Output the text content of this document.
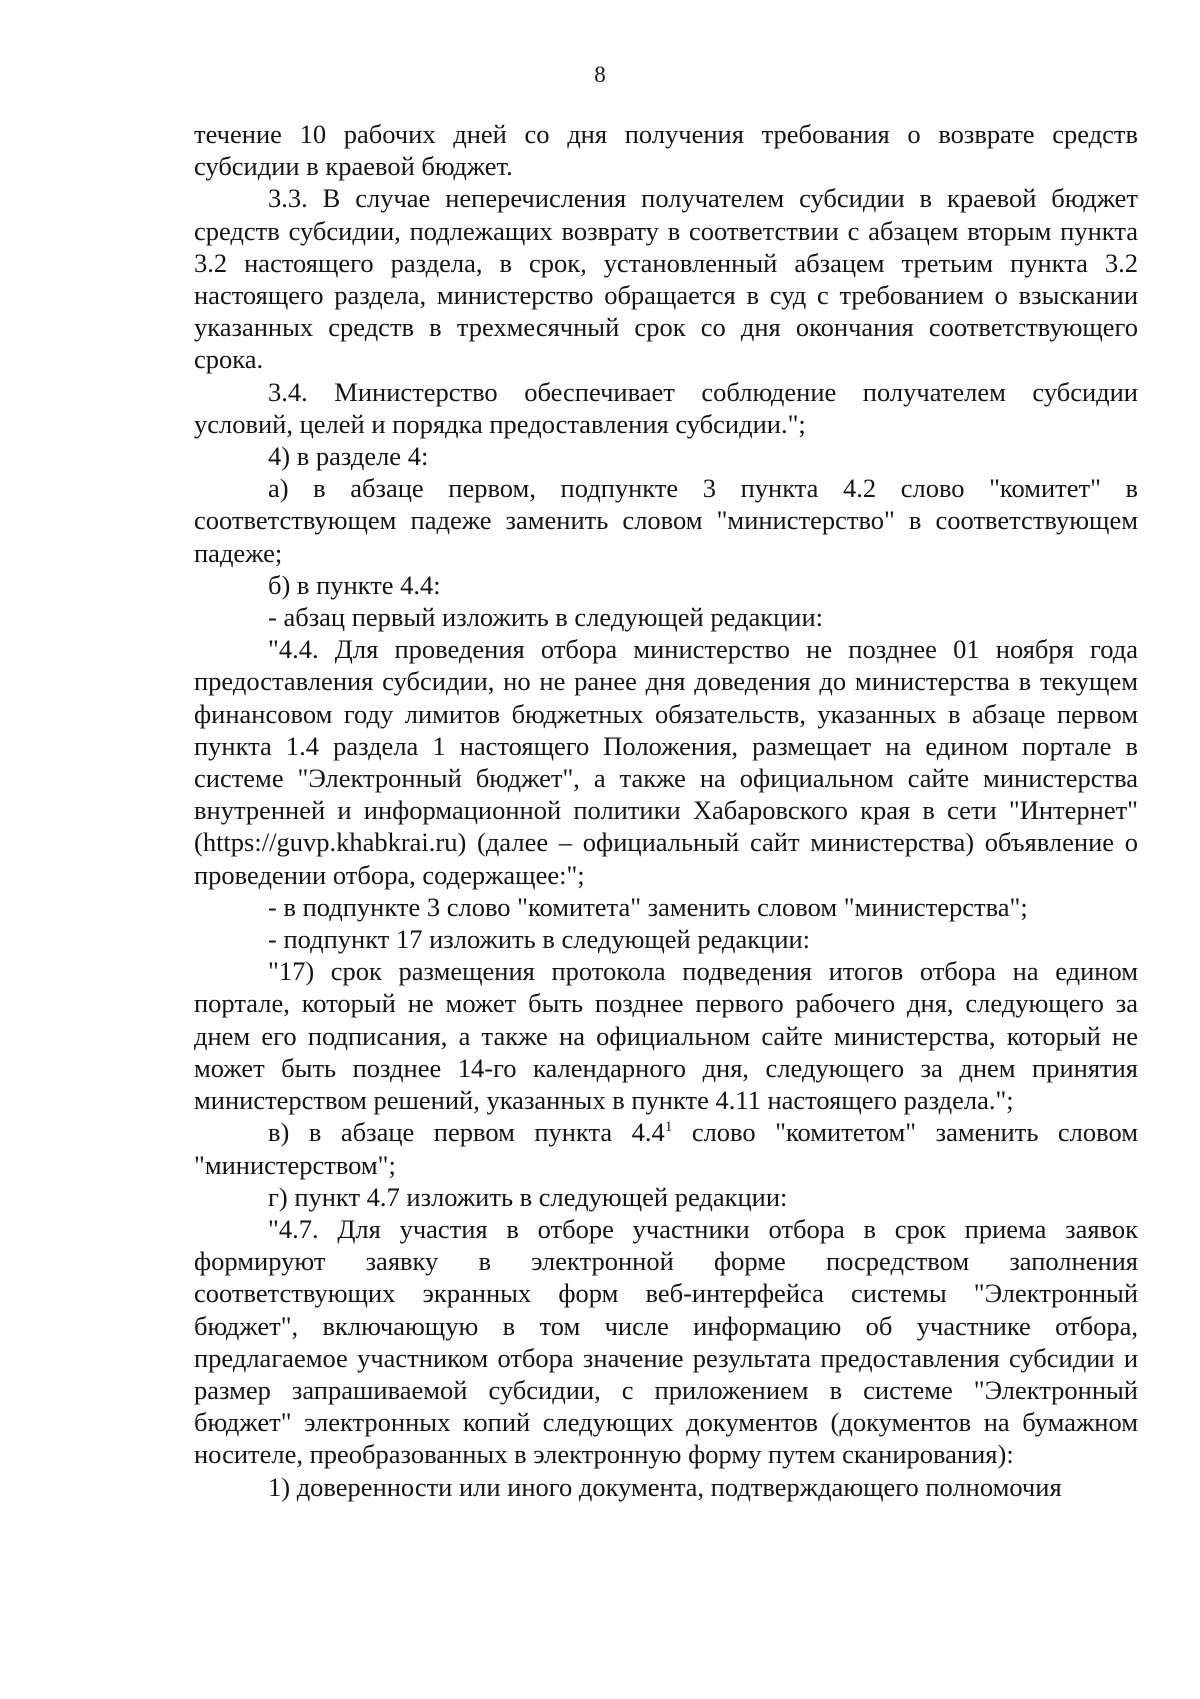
8

течение 10 рабочих дней со дня получения требования о возврате средств субсидии в краевой бюджет.

3.3. В случае неперечисления получателем субсидии в краевой бюджет средств субсидии, подлежащих возврату в соответствии с абзацем вторым пункта 3.2 настоящего раздела, в срок, установленный абзацем третьим пункта 3.2 настоящего раздела, министерство обращается в суд с требованием о взыскании указанных средств в трехмесячный срок со дня окончания соответствующего срока.

3.4. Министерство обеспечивает соблюдение получателем субсидии условий, целей и порядка предоставления субсидии.";

4) в разделе 4:

а) в абзаце первом, подпункте 3 пункта 4.2 слово "комитет" в соответствующем падеже заменить словом "министерство" в соответствующем падеже;

б) в пункте 4.4:

- абзац первый изложить в следующей редакции:

"4.4. Для проведения отбора министерство не позднее 01 ноября года предоставления субсидии, но не ранее дня доведения до министерства в текущем финансовом году лимитов бюджетных обязательств, указанных в абзаце первом пункта 1.4 раздела 1 настоящего Положения, размещает на едином портале в системе "Электронный бюджет", а также на официальном сайте министерства внутренней и информационной политики Хабаровского края в сети "Интернет" (https://guvp.khabkrai.ru) (далее – официальный сайт министерства) объявление о проведении отбора, содержащее:";

- в подпункте 3 слово "комитета" заменить словом "министерства";

- подпункт 17 изложить в следующей редакции:

"17) срок размещения протокола подведения итогов отбора на едином портале, который не может быть позднее первого рабочего дня, следующего за днем его подписания, а также на официальном сайте министерства, который не может быть позднее 14-го календарного дня, следующего за днем принятия министерством решений, указанных в пункте 4.11 настоящего раздела.";

в) в абзаце первом пункта $4.4^1$ слово "комитетом" заменить словом "министерством";

г) пункт 4.7 изложить в следующей редакции:

"4.7. Для участия в отборе участники отбора в срок приема заявок формируют заявку в электронной форме посредством заполнения соответствующих экранных форм веб-интерфейса системы "Электронный бюджет", включающую в том числе информацию об участнике отбора, предлагаемое участником отбора значение результата предоставления субсидии и размер запрашиваемой субсидии, с приложением в системе "Электронный бюджет" электронных копий следующих документов (документов на бумажном носителе, преобразованных в электронную форму путем сканирования):

1) доверенности или иного документа, подтверждающего полномочия
